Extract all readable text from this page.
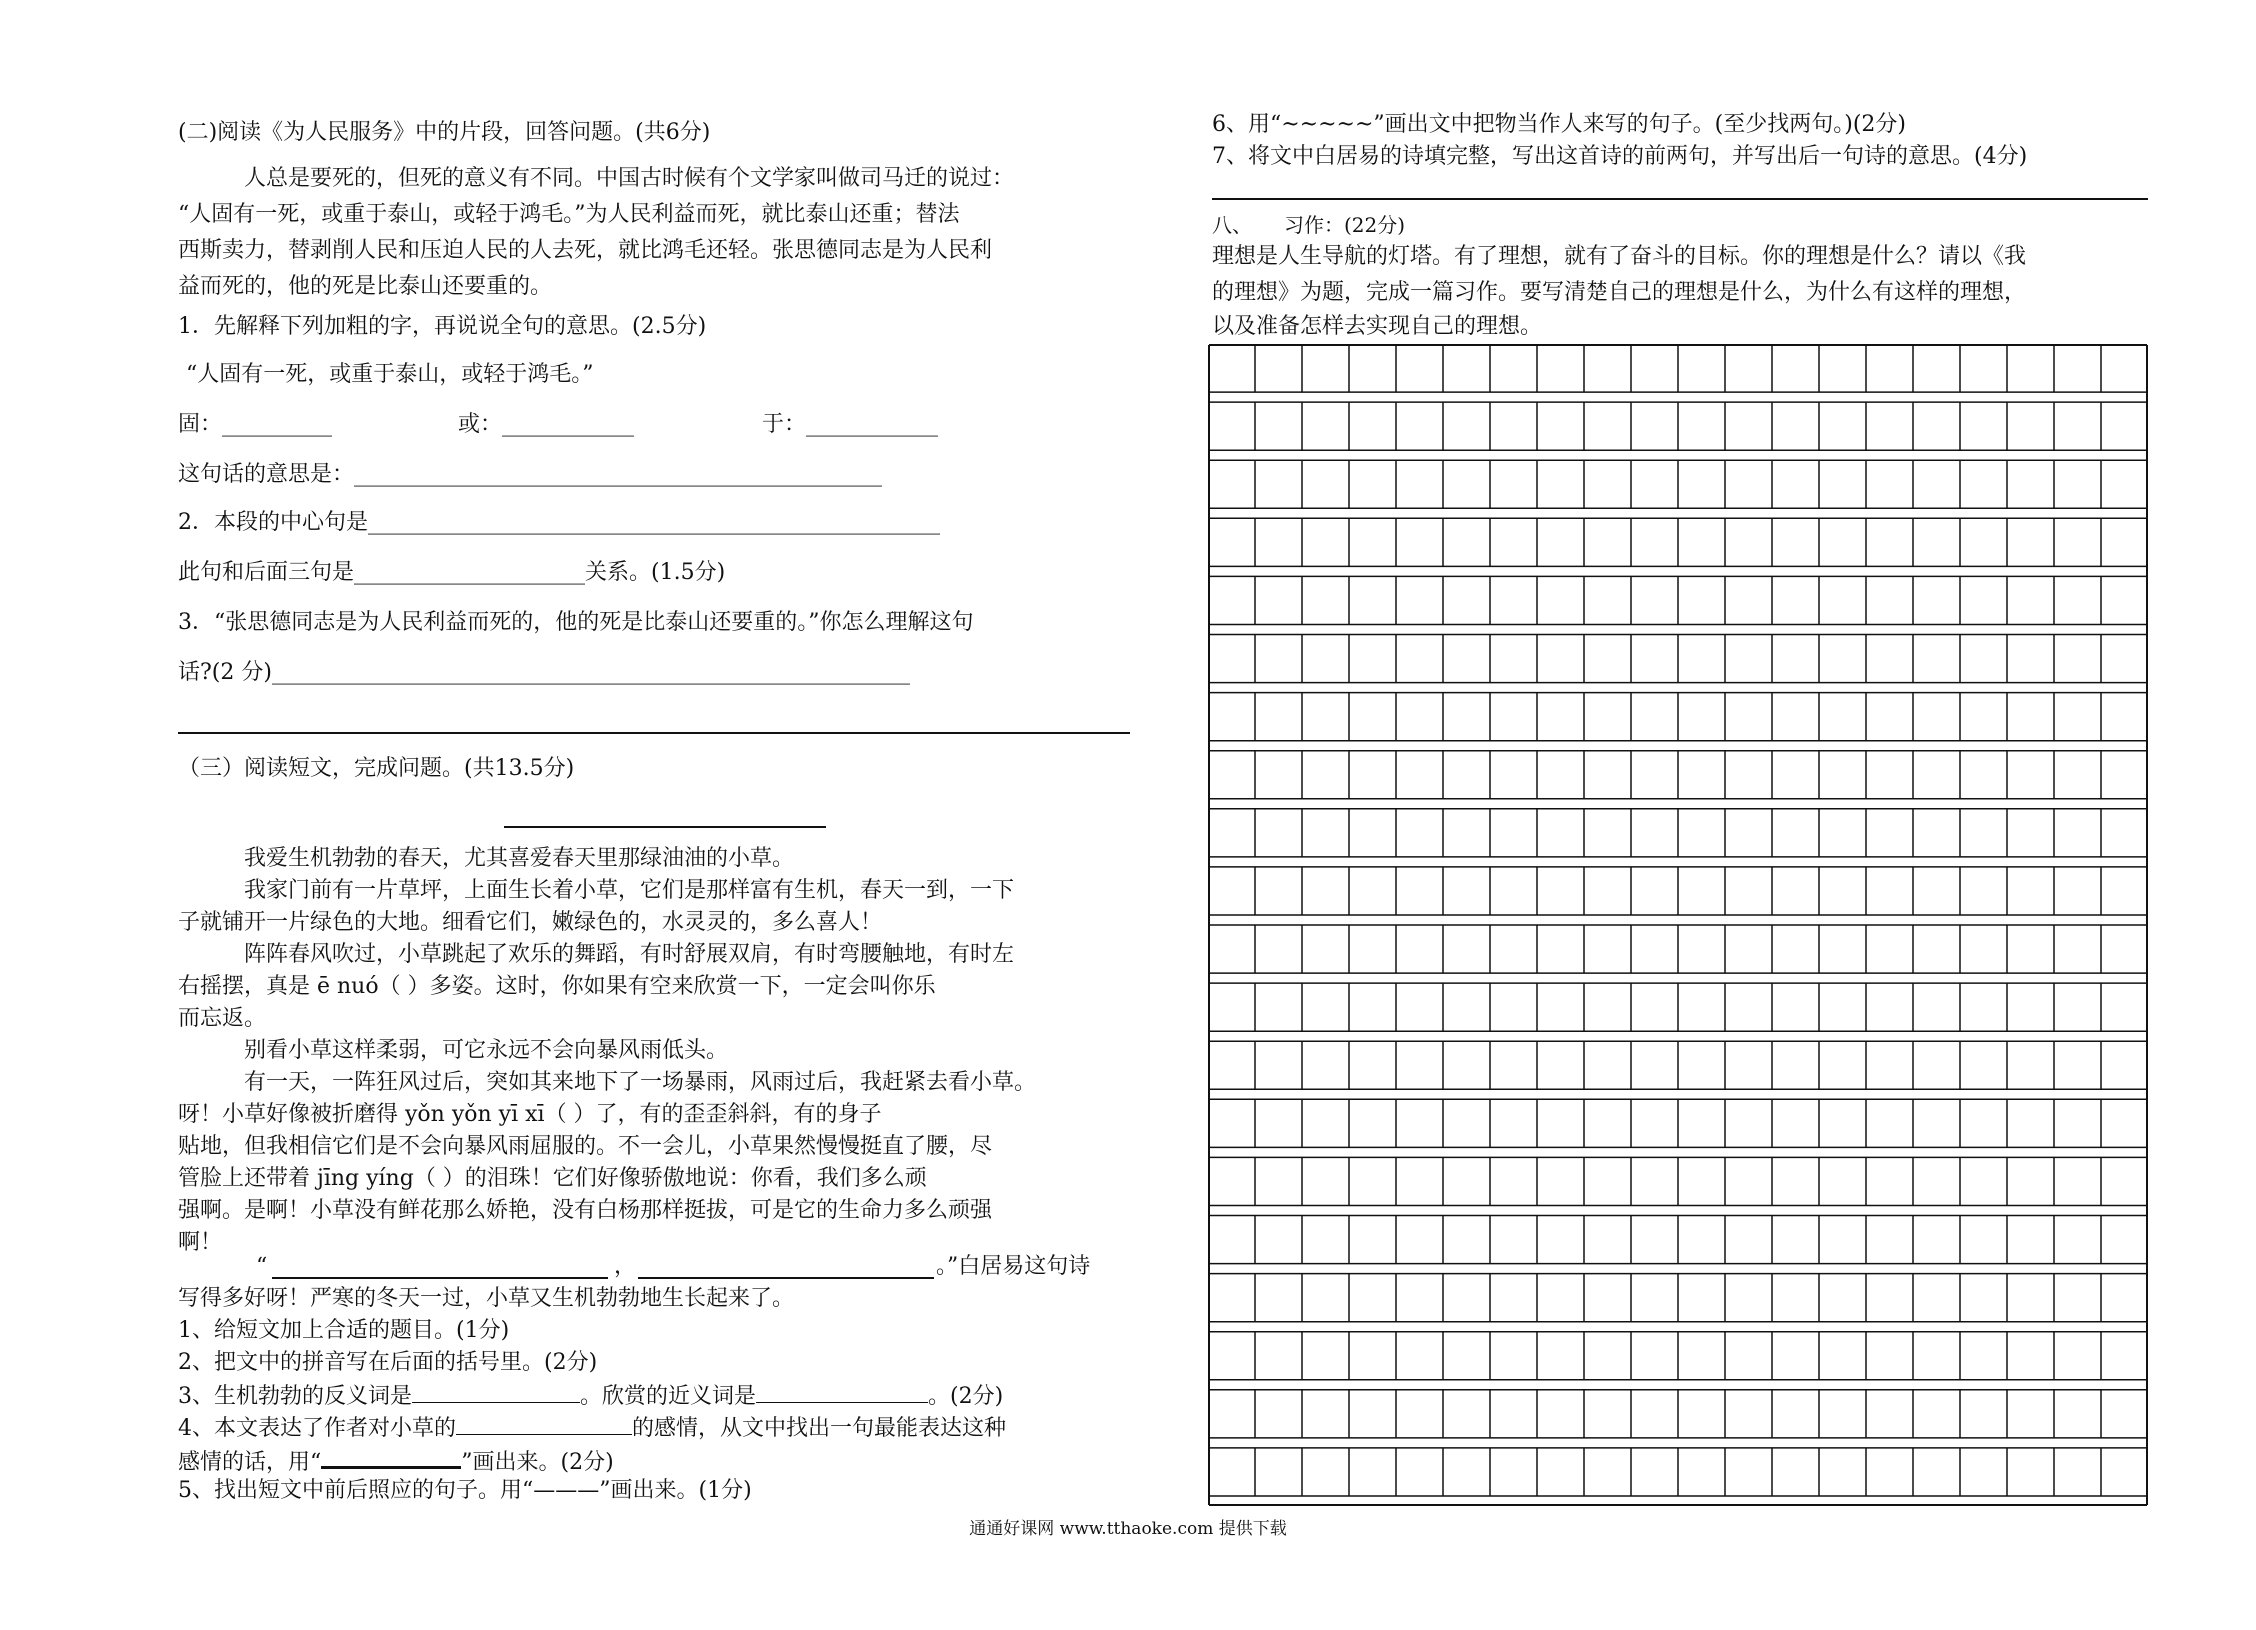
(二)阅读《为人民服务》中的片段，回答问题。(共6分)
人总是要死的，但死的意义有不同。中国古时候有个文学家叫做司马迁的说过：
“人固有一死，或重于泰山，或轻于鸿毛。”为人民利益而死，就比泰山还重；替法
西斯卖力，替剥削人民和压迫人民的人去死，就比鸿毛还轻。张思德同志是为人民利
益而死的，他的死是比泰山还要重的。
1．先解释下列加粗的字，再说说全句的意思。(2.5分)
“人固有一死，或重于泰山，或轻于鸿毛。”
固：__________	或：____________	于：____________
这句话的意思是：________________________________________________
2．本段的中心句是____________________________________________________
此句和后面三句是_____________________关系。(1.5分)
3．“张思德同志是为人民利益而死的，他的死是比泰山还要重的。”你怎么理解这句
话?(2 分)__________________________________________________________
（三）阅读短文，完成问题。(共13.5分)
我爱生机勃勃的春天，尤其喜爱春天里那绿油油的小草。
我家门前有一片草坪，上面生长着小草，它们是那样富有生机，春天一到，一下
子就铺开一片绿色的大地。细看它们，嫩绿色的，水灵灵的，多么喜人！
阵阵春风吹过，小草跳起了欢乐的舞蹈，有时舒展双肩，有时弯腰触地，有时左
右摇摆，真是 ē nuó（ ）多姿。这时，你如果有空来欣赏一下，一定会叫你乐
而忘返。
别看小草这样柔弱，可它永远不会向暴风雨低头。
有一天，一阵狂风过后，突如其来地下了一场暴雨，风雨过后，我赶紧去看小草。
呀！小草好像被折磨得 yǒn yǒn yī xī（ ）了，有的歪歪斜斜，有的身子
贴地，但我相信它们是不会向暴风雨屈服的。不一会儿，小草果然慢慢挺直了腰，尽
管脸上还带着 jīng yíng（ ）的泪珠！它们好像骄傲地说：你看，我们多么顽
强啊。是啊！小草没有鲜花那么娇艳，没有白杨那样挺拔，可是它的生命力多么顽强
啊！
“	，	。”白居易这句诗
写得多好呀！严寒的冬天一过，小草又生机勃勃地生长起来了。
1、给短文加上合适的题目。(1分)
2、把文中的拼音写在后面的括号里。(2分)
3、生机勃勃的反义词是	。欣赏的近义词是	。(2分)
4、本文表达了作者对小草的	的感情，从文中找出一句最能表达这种
感情的话，用“	”画出来。(2分)
5、找出短文中前后照应的句子。用“———”画出来。(1分)
6、用“~~~~~”画出文中把物当作人来写的句子。(至少找两句。)(2分)
7、将文中白居易的诗填完整，写出这首诗的前两句，并写出后一句诗的意思。(4分)
八、 习作：(22分)
理想是人生导航的灯塔。有了理想，就有了奋斗的目标。你的理想是什么？请以《我
的理想》为题，完成一篇习作。要写清楚自己的理想是什么，为什么有这样的理想，
以及准备怎样去实现自己的理想。
通通好课网 www.tthaoke.com 提供下载
